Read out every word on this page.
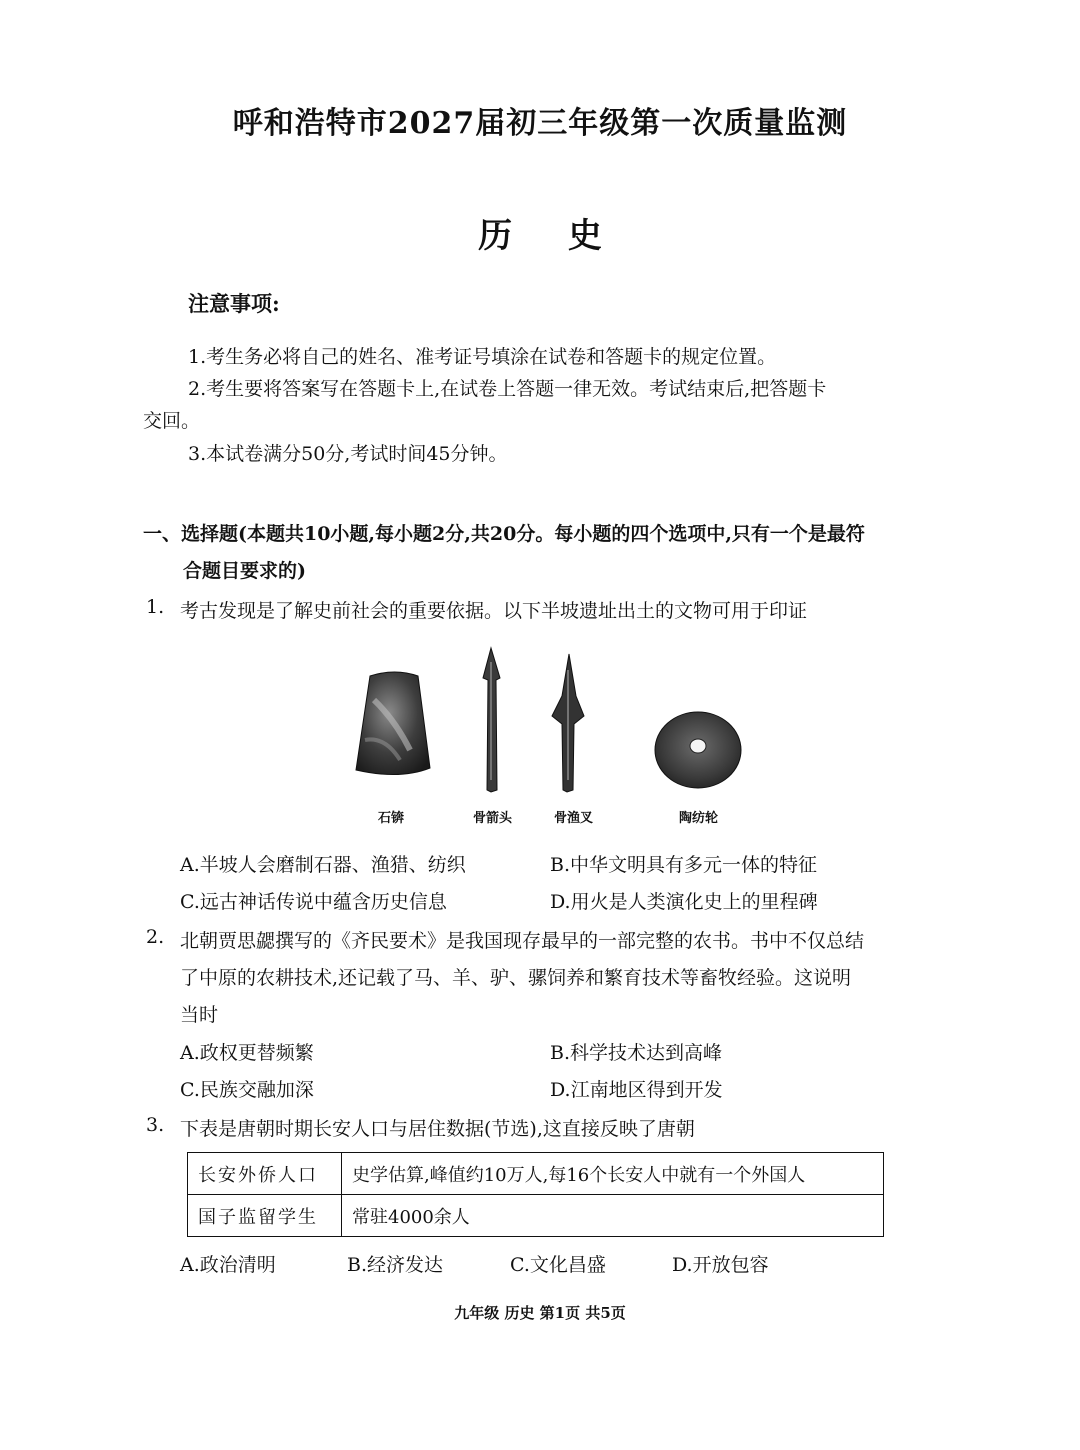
呼和浩特市2027届初三年级第一次质量监测
历 史
注意事项:
1.考生务必将自己的姓名、准考证号填涂在试卷和答题卡的规定位置。
2.考生要将答案写在答题卡上,在试卷上答题一律无效。考试结束后,把答题卡
交回。
3.本试卷满分50分,考试时间45分钟。
一、选择题(本题共10小题,每小题2分,共20分。每小题的四个选项中,只有一个是最符
合题目要求的)
1. 考古发现是了解史前社会的重要依据。以下半坡遗址出土的文物可用于印证
石锛	骨箭头	骨渔叉	陶纺轮
A.半坡人会磨制石器、渔猎、纺织	B.中华文明具有多元一体的特征
C.远古神话传说中蕴含历史信息	D.用火是人类演化史上的里程碑
2. 北朝贾思勰撰写的《齐民要术》是我国现存最早的一部完整的农书。书中不仅总结
了中原的农耕技术,还记载了马、羊、驴、骡饲养和繁育技术等畜牧经验。这说明
当时
A.政权更替频繁	B.科学技术达到高峰
C.民族交融加深	D.江南地区得到开发
3. 下表是唐朝时期长安人口与居住数据(节选),这直接反映了唐朝
长安外侨人口	史学估算,峰值约10万人,每16个长安人中就有一个外国人
国子监留学生	常驻4000余人
A.政治清明	B.经济发达	C.文化昌盛	D.开放包容
九年级 历史 第1页 共5页
